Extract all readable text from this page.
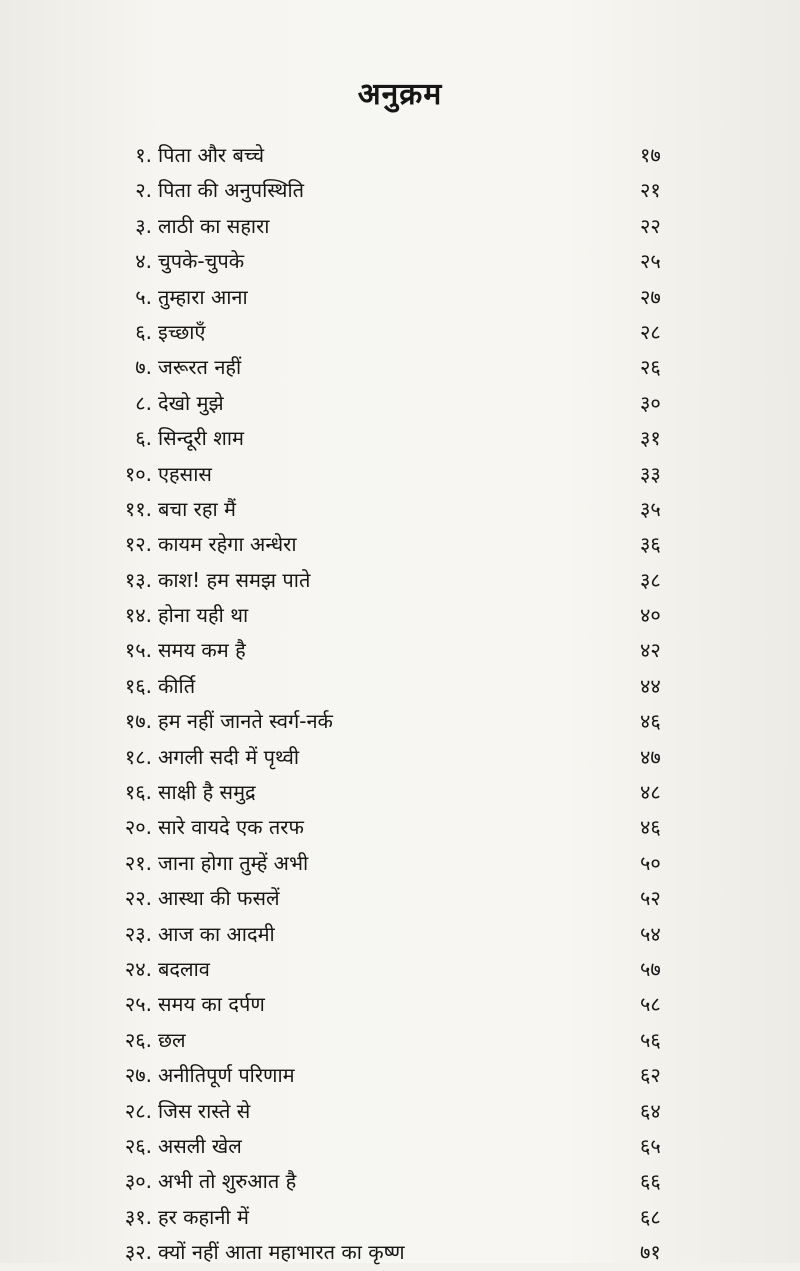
अनुक्रम
१. पिता और बच्चे	१७
२. पिता की अनुपस्थिति	२१
३. लाठी का सहारा	२२
४. चुपके-चुपके	२५
५. तुम्हारा आना	२७
६. इच्छाएँ	२८
७. जरूरत नहीं	२६
८. देखो मुझे	३०
६. सिन्दूरी शाम	३१
१०. एहसास	३३
११. बचा रहा मैं	३५
१२. कायम रहेगा अन्धेरा	३६
१३. काश! हम समझ पाते	३८
१४. होना यही था	४०
१५. समय कम है	४२
१६. कीर्ति	४४
१७. हम नहीं जानते स्वर्ग-नर्क	४६
१८. अगली सदी में पृथ्वी	४७
१६. साक्षी है समुद्र	४८
२०. सारे वायदे एक तरफ	४६
२१. जाना होगा तुम्हें अभी	५०
२२. आस्था की फसलें	५२
२३. आज का आदमी	५४
२४. बदलाव	५७
२५. समय का दर्पण	५८
२६. छल	५६
२७. अनीतिपूर्ण परिणाम	६२
२८. जिस रास्ते से	६४
२६. असली खेल	६५
३०. अभी तो शुरुआत है	६६
३१. हर कहानी में	६८
३२. क्यों नहीं आता महाभारत का कृष्ण	७१
